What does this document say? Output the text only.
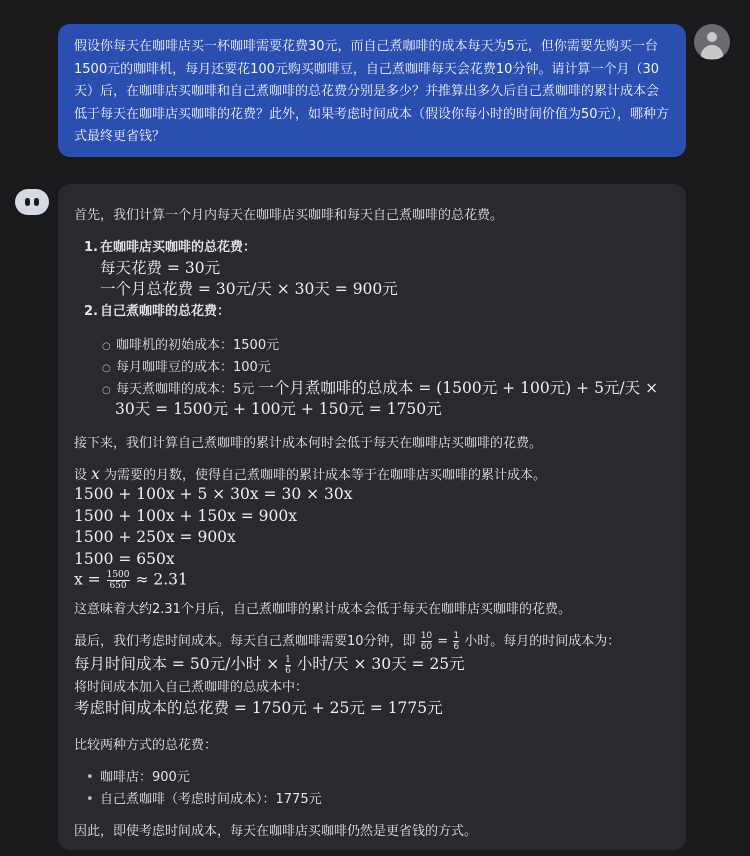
假设你每天在咖啡店买一杯咖啡需要花费30元，而自己煮咖啡的成本每天为5元，但你需要先购买一台
1500元的咖啡机，每月还要花100元购买咖啡豆，自己煮咖啡每天会花费10分钟。请计算一个月（30
天）后，在咖啡店买咖啡和自己煮咖啡的总花费分别是多少？并推算出多久后自己煮咖啡的累计成本会
低于每天在咖啡店买咖啡的花费？此外，如果考虑时间成本（假设你每小时的时间价值为50元），哪种方
式最终更省钱？
首先，我们计算一个月内每天在咖啡店买咖啡和每天自己煮咖啡的总花费。
1. 在咖啡店买咖啡的总花费：
每天花费 = 30元
一个月总花费 = 30元/天 × 30天 = 900元
2. 自己煮咖啡的总花费：
○ 咖啡机的初始成本：1500元
○ 每月咖啡豆的成本：100元
○ 每天煮咖啡的成本：5元 一个月煮咖啡的总成本 = (1500元 + 100元) + 5元/天 ×
30天 = 1500元 + 100元 + 150元 = 1750元
接下来，我们计算自己煮咖啡的累计成本何时会低于每天在咖啡店买咖啡的花费。
设 x 为需要的月数，使得自己煮咖啡的累计成本等于在咖啡店买咖啡的累计成本。
1500 + 100x + 5 × 30x = 30 × 30x
1500 + 100x + 150x = 900x
1500 + 250x = 900x
1500 = 650x
$x = \frac{1500}{650} \approx 2.31$
这意味着大约2.31个月后，自己煮咖啡的累计成本会低于每天在咖啡店买咖啡的花费。
最后，我们考虑时间成本。每天自己煮咖啡需要10分钟，即 $\frac{10}{60} = \frac{1}{6}$ 小时。每月的时间成本为：
每月时间成本 = 50元/小时 × $\frac{1}{6}$ 小时/天 × 30天 = 25元
将时间成本加入自己煮咖啡的总成本中：
考虑时间成本的总花费 = 1750元 + 25元 = 1775元
比较两种方式的总花费：
• 咖啡店：900元
• 自己煮咖啡（考虑时间成本）：1775元
因此，即使考虑时间成本，每天在咖啡店买咖啡仍然是更省钱的方式。
